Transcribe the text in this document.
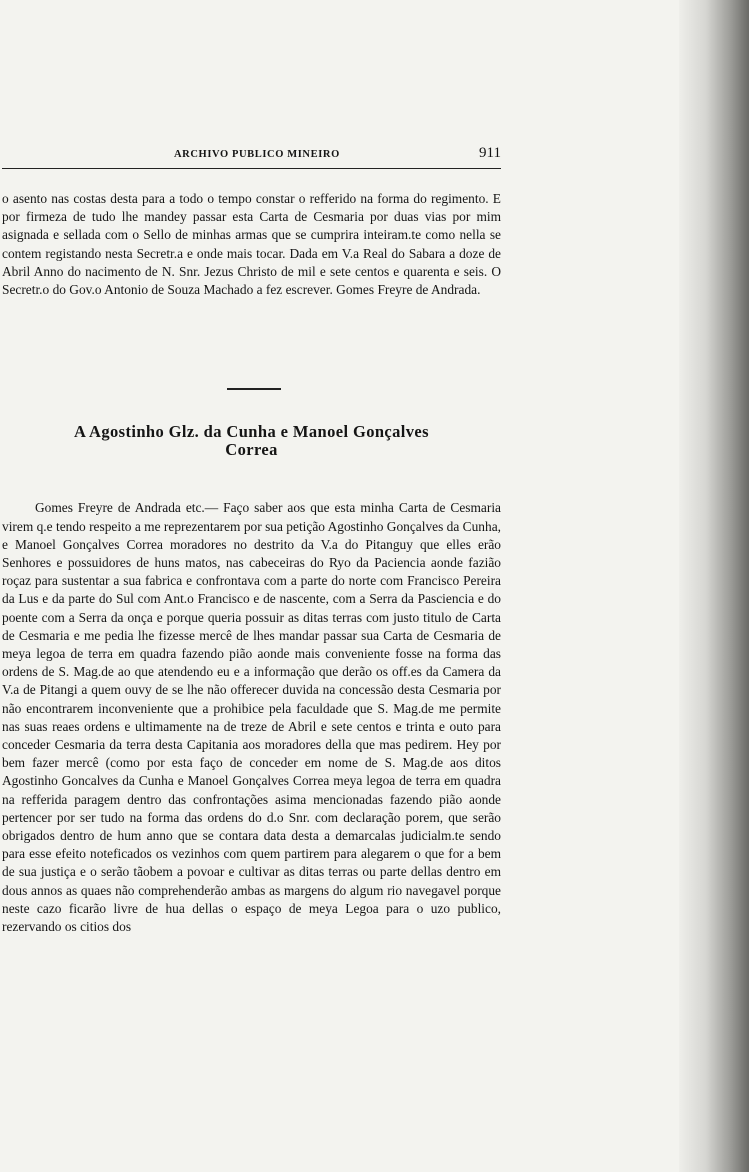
ARCHIVO PUBLICO MINEIRO	911

o asento nas costas desta para a todo o tempo constar o refferido na forma do regimento. E por firmeza de tudo lhe mandey passar esta Carta de Cesmaria por duas vias por mim asignada e sellada com o Sello de minhas armas que se cumprira inteiram.te como nella se contem registando nesta Secretr.a e onde mais tocar. Dada em V.a Real do Sabara a doze de Abril Anno do nacimento de N. Snr. Jezus Christo de mil e sete centos e quarenta e seis. O Secretr.o do Gov.o Antonio de Souza Machado a fez escrever. Gomes Freyre de Andrada.

A Agostinho Glz. da Cunha e Manoel Gonçalves
Correa

Gomes Freyre de Andrada etc.— Faço saber aos que esta minha Carta de Cesmaria virem q.e tendo respeito a me reprezentarem por sua petição Agostinho Gonçalves da Cunha, e Manoel Gonçalves Correa moradores no destrito da V.a do Pitanguy que elles erão Senhores e possuidores de huns matos, nas cabeceiras do Ryo da Paciencia aonde fazião roçaz para sustentar a sua fabrica e confrontava com a parte do norte com Francisco Pereira da Lus e da parte do Sul com Ant.o Francisco e de nascente, com a Serra da Pasciencia e do poente com a Serra da onça e porque queria possuir as ditas terras com justo titulo de Carta de Cesmaria e me pedia lhe fizesse mercê de lhes mandar passar sua Carta de Cesmaria de meya legoa de terra em quadra fazendo pião aonde mais conveniente fosse na forma das ordens de S. Mag.de ao que atendendo eu e a informação que derão os off.es da Camera da V.a de Pitangi a quem ouvy de se lhe não offerecer duvida na concessão desta Cesmaria por não encontrarem inconveniente que a prohibice pela faculdade que S. Mag.de me permite nas suas reaes ordens e ultimamente na de treze de Abril e sete centos e trinta e outo para conceder Cesmaria da terra desta Capitania aos moradores della que mas pedirem. Hey por bem fazer mercê (como por esta faço de conceder em nome de S. Mag.de aos ditos Agostinho Goncalves da Cunha e Manoel Gonçalves Correa meya legoa de terra em quadra na refferida paragem dentro das confrontações asima mencionadas fazendo pião aonde pertencer por ser tudo na forma das ordens do d.o Snr. com declaração porem, que serão obrigados dentro de hum anno que se contara data desta a demarcalas judicialm.te sendo para esse efeito noteficados os vezinhos com quem partirem para alegarem o que for a bem de sua justiça e o serão tãobem a povoar e cultivar as ditas terras ou parte dellas dentro em dous annos as quaes não comprehenderão ambas as margens do algum rio navegavel porque neste cazo ficarão livre de hua dellas o espaço de meya Legoa para o uzo publico, rezervando os citios dos
